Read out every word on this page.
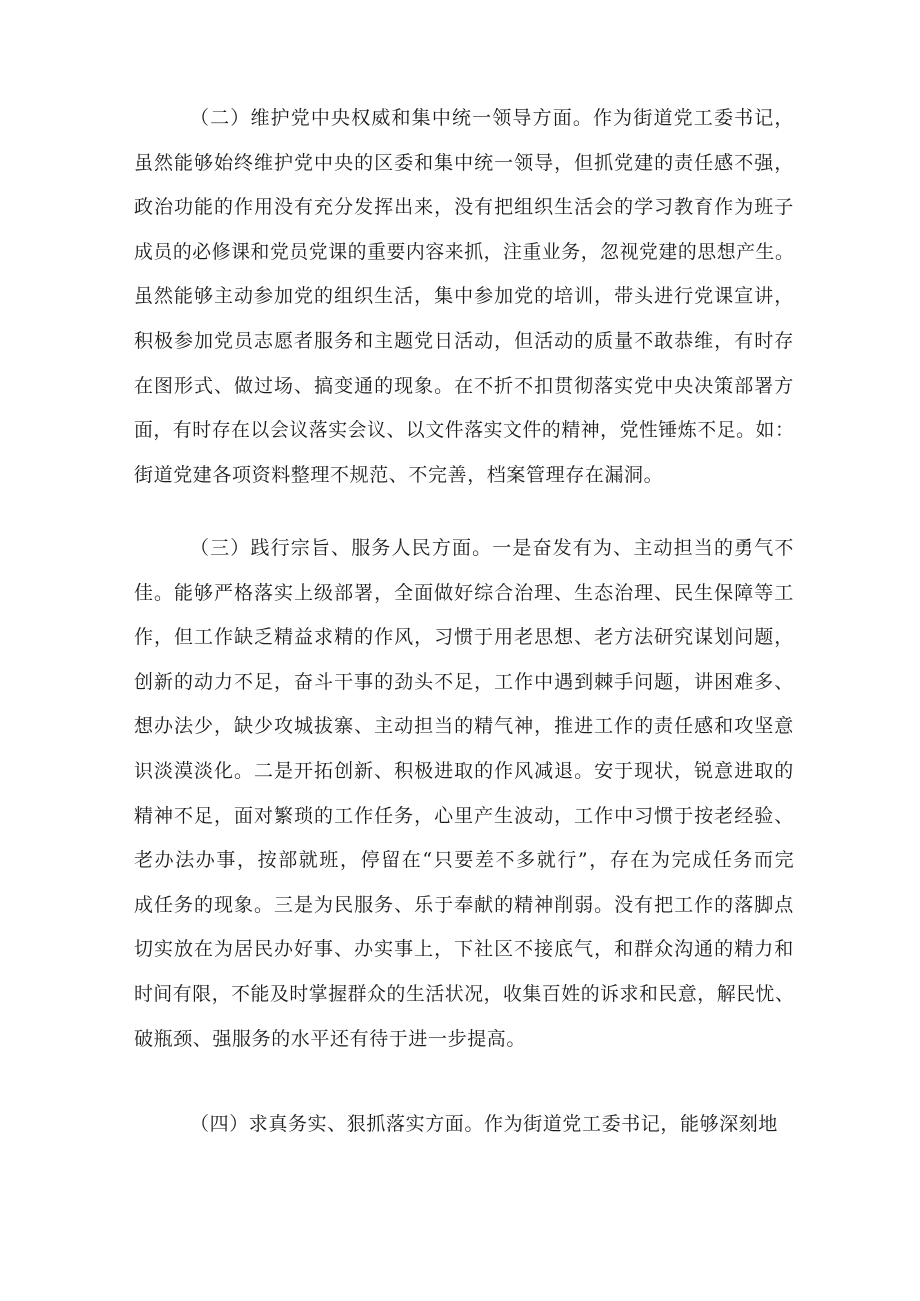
（二）维护党中央权威和集中统一领导方面。作为街道党工委书记，
虽然能够始终维护党中央的区委和集中统一领导，但抓党建的责任感不强，
政治功能的作用没有充分发挥出来，没有把组织生活会的学习教育作为班子
成员的必修课和党员党课的重要内容来抓，注重业务，忽视党建的思想产生。
虽然能够主动参加党的组织生活，集中参加党的培训，带头进行党课宣讲，
积极参加党员志愿者服务和主题党日活动，但活动的质量不敢恭维，有时存
在图形式、做过场、搞变通的现象。在不折不扣贯彻落实党中央决策部署方
面，有时存在以会议落实会议、以文件落实文件的精神，党性锤炼不足。如：
街道党建各项资料整理不规范、不完善，档案管理存在漏洞。
（三）践行宗旨、服务人民方面。一是奋发有为、主动担当的勇气不
佳。能够严格落实上级部署，全面做好综合治理、生态治理、民生保障等工
作，但工作缺乏精益求精的作风，习惯于用老思想、老方法研究谋划问题，
创新的动力不足，奋斗干事的劲头不足，工作中遇到棘手问题，讲困难多、
想办法少，缺少攻城拔寨、主动担当的精气神，推进工作的责任感和攻坚意
识淡漠淡化。二是开拓创新、积极进取的作风减退。安于现状，锐意进取的
精神不足，面对繁琐的工作任务，心里产生波动，工作中习惯于按老经验、
老办法办事，按部就班，停留在“只要差不多就行”，存在为完成任务而完
成任务的现象。三是为民服务、乐于奉献的精神削弱。没有把工作的落脚点
切实放在为居民办好事、办实事上，下社区不接底气，和群众沟通的精力和
时间有限，不能及时掌握群众的生活状况，收集百姓的诉求和民意，解民忧、
破瓶颈、强服务的水平还有待于进一步提高。
（四）求真务实、狠抓落实方面。作为街道党工委书记，能够深刻地
